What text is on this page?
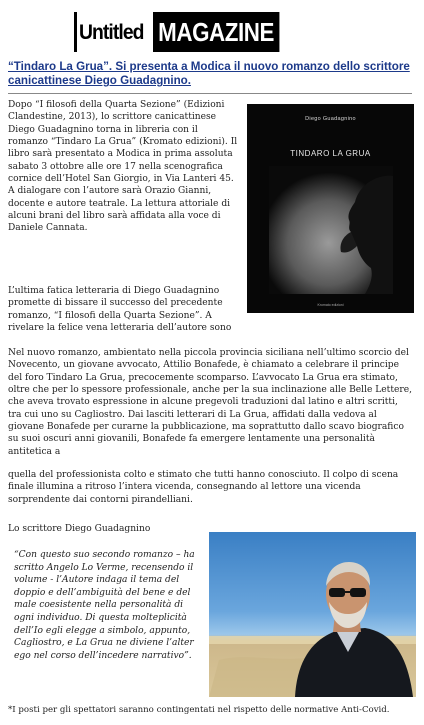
Untitled MAGAZINE
“Tindaro La Grua”. Si presenta a Modica il nuovo romanzo dello scrittore canicattinese Diego Guadagnino.
Dopo “I filosofi della Quarta Sezione” (Edizioni Clandestine, 2013), lo scrittore canicattinese Diego Guadagnino torna in libreria con il romanzo “Tindaro La Grua” (Kromato edizioni). Il libro sarà presentato a Modica in prima assoluta sabato 3 ottobre alle ore 17 nella scenografica cornice dell’Hotel San Giorgio, in Via Lanteri 45. A dialogare con l’autore sarà Orazio Gianni, docente e autore teatrale. La lettura attoriale di alcuni brani del libro sarà affidata alla voce di Daniele Cannata.
Diego Guadagnino
TINDARO LA GRUA
Kromato edizioni
L’ultima fatica letteraria di Diego Guadagnino promette di bissare il successo del precedente romanzo, “I filosofi della Quarta Sezione”. A rivelare la felice vena letteraria dell’autore sono
Nel nuovo romanzo, ambientato nella piccola provincia siciliana nell’ultimo scorcio del Novecento, un giovane avvocato, Attilio Bonafede, è chiamato a celebrare il principe del foro Tindaro La Grua, precocemente scomparso. L’avvocato La Grua era stimato, oltre che per lo spessore professionale, anche per la sua inclinazione alle Belle Lettere, che aveva trovato espressione in alcune pregevoli traduzioni dal latino e altri scritti, tra cui uno su Cagliostro. Dai lasciti letterari di La Grua, affidati dalla vedova al giovane Bonafede per curarne la pubblicazione, ma soprattutto dallo scavo biografico su suoi oscuri anni giovanili, Bonafede fa emergere lentamente una personalità antitetica a
quella del professionista colto e stimato che tutti hanno conosciuto. Il colpo di scena finale illumina a ritroso l’intera vicenda, consegnando al lettore una vicenda sorprendente dai contorni pirandelliani.
Lo scrittore Diego Guadagnino
“Con questo suo secondo romanzo – ha scritto Angelo Lo Verme, recensendo il volume - l’Autore indaga il tema del doppio e dell’ambiguità del bene e del male coesistente nella personalità di ogni individuo. Di questa molteplicità dell’Io egli elegge a simbolo, appunto, Cagliostro, e La Grua ne diviene l’alter ego nel corso dell’incedere narrativo”.
*I posti per gli spettatori saranno contingentati nel rispetto delle normative Anti-Covid.
